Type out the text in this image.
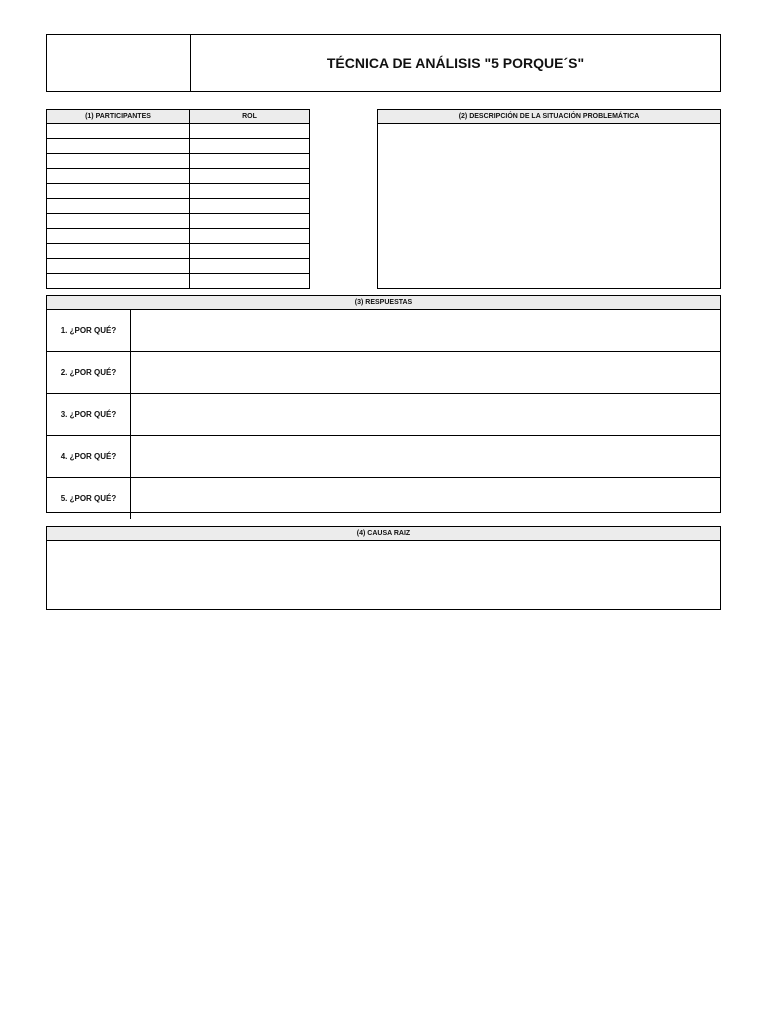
TÉCNICA DE ANÁLISIS "5 PORQUE´S"
(1) PARTICIPANTES	ROL

		(2) DESCRIPCIÓN DE LA SITUACIÓN PROBLEMÁTICA
(3) RESPUESTAS
1. ¿POR QUÉ?
2. ¿POR QUÉ?
3. ¿POR QUÉ?
4. ¿POR QUÉ?
5. ¿POR QUÉ?
(4) CAUSA RAIZ
